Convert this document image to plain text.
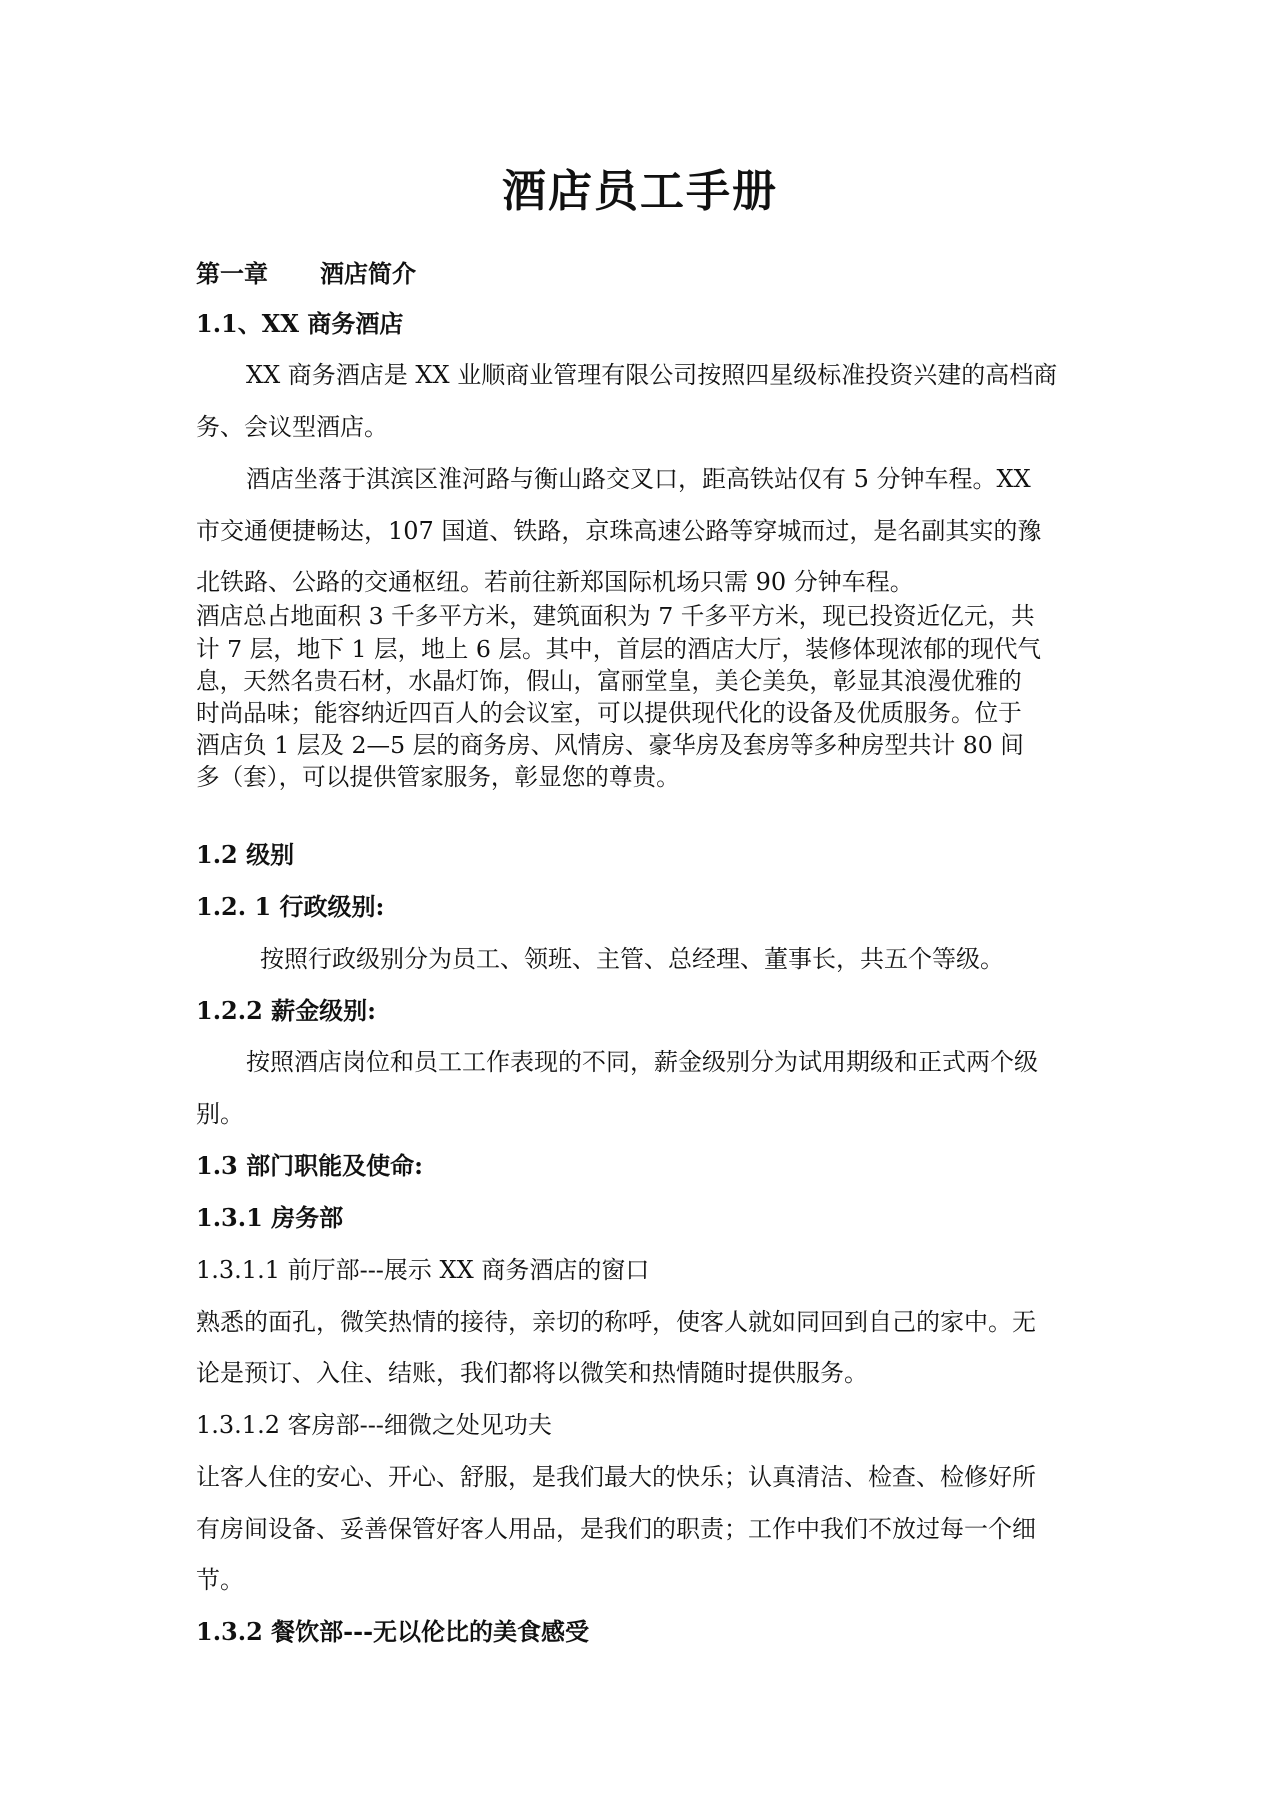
酒店员工手册
第一章 酒店简介
1.1、XX 商务酒店
XX 商务酒店是 XX 业顺商业管理有限公司按照四星级标准投资兴建的高档商
务、会议型酒店。
酒店坐落于淇滨区淮河路与衡山路交叉口，距高铁站仅有 5 分钟车程。XX
市交通便捷畅达，107 国道、铁路，京珠高速公路等穿城而过，是名副其实的豫
北铁路、公路的交通枢纽。若前往新郑国际机场只需 90 分钟车程。
酒店总占地面积 3 千多平方米，建筑面积为 7 千多平方米，现已投资近亿元，共
计 7 层，地下 1 层，地上 6 层。其中，首层的酒店大厅，装修体现浓郁的现代气
息，天然名贵石材，水晶灯饰，假山，富丽堂皇，美仑美奂，彰显其浪漫优雅的
时尚品味；能容纳近四百人的会议室，可以提供现代化的设备及优质服务。位于
酒店负 1 层及 2—5 层的商务房、风情房、豪华房及套房等多种房型共计 80 间
多（套），可以提供管家服务，彰显您的尊贵。
1.2 级别
1.2. 1 行政级别:
按照行政级别分为员工、领班、主管、总经理、董事长，共五个等级。
1.2.2 薪金级别:
按照酒店岗位和员工工作表现的不同，薪金级别分为试用期级和正式两个级
别。
1.3 部门职能及使命:
1.3.1 房务部
1.3.1.1 前厅部---展示 XX 商务酒店的窗口
熟悉的面孔，微笑热情的接待，亲切的称呼，使客人就如同回到自己的家中。无
论是预订、入住、结账，我们都将以微笑和热情随时提供服务。
1.3.1.2 客房部---细微之处见功夫
让客人住的安心、开心、舒服，是我们最大的快乐；认真清洁、检查、检修好所
有房间设备、妥善保管好客人用品，是我们的职责；工作中我们不放过每一个细
节。
1.3.2 餐饮部---无以伦比的美食感受
